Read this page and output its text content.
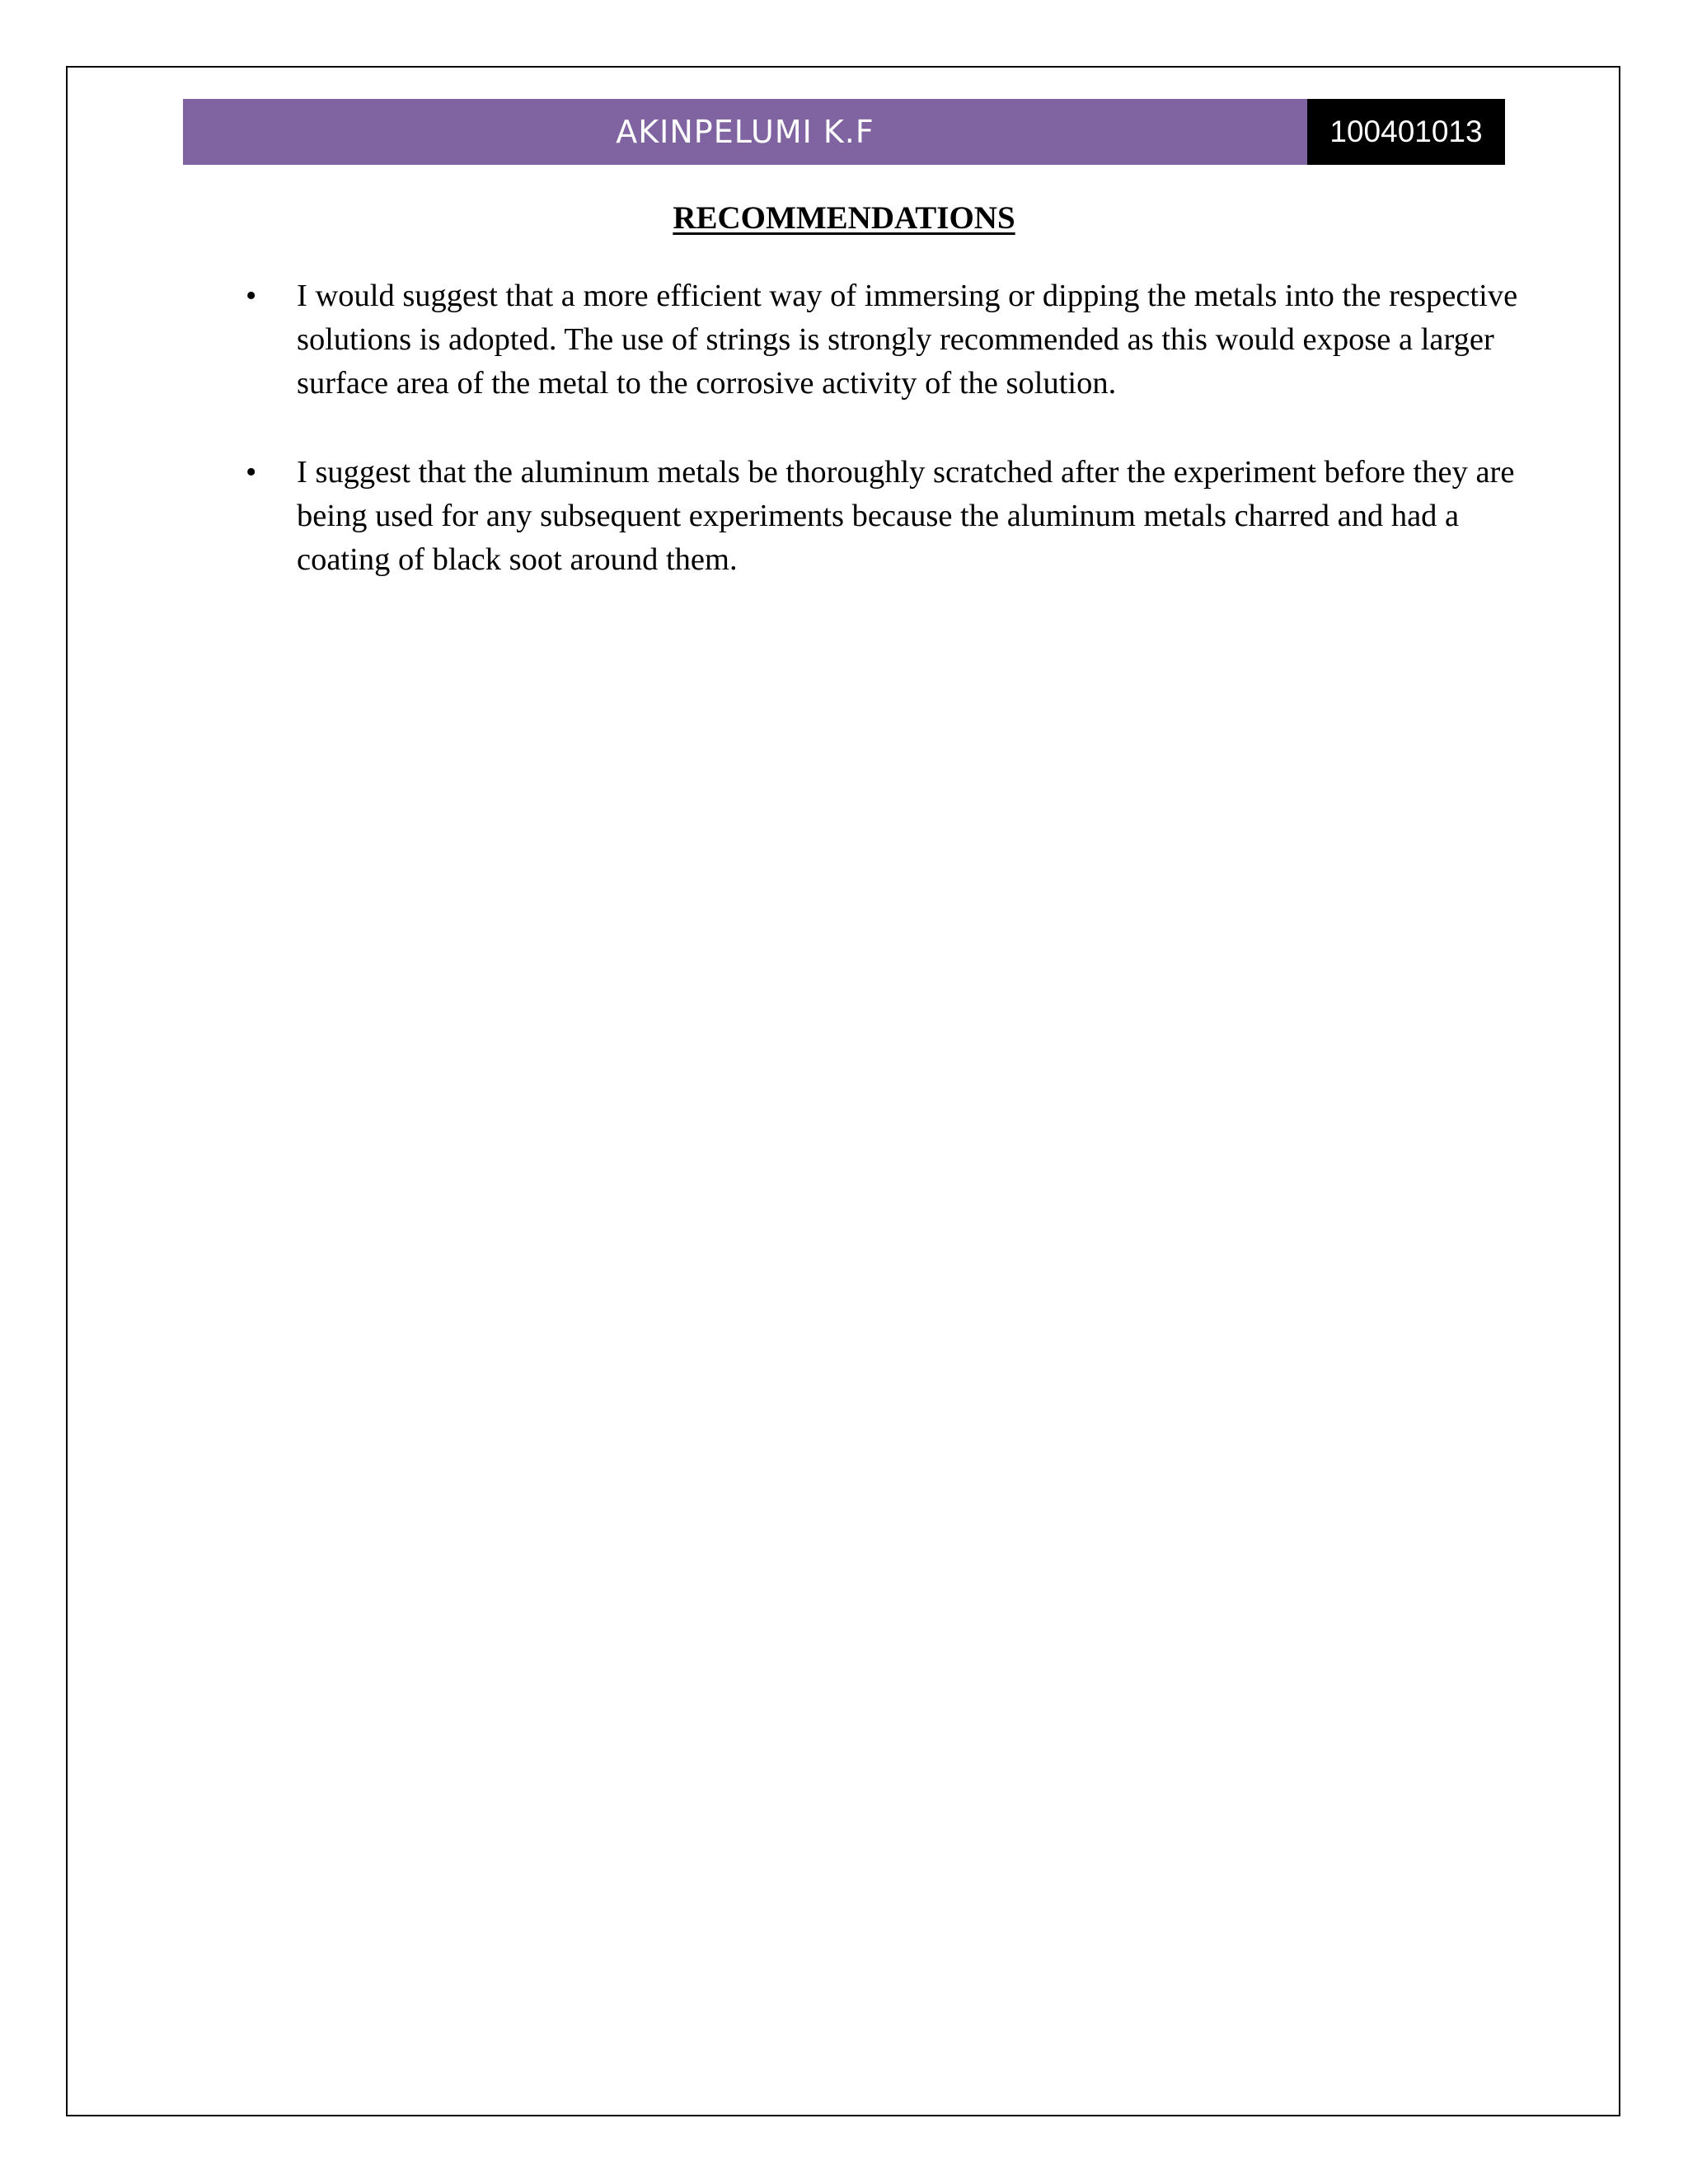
AKINPELUMI K.F	100401013
RECOMMENDATIONS
• I would suggest that a more efficient way of immersing or dipping the metals into the respective solutions is adopted. The use of strings is strongly recommended as this would expose a larger surface area of the metal to the corrosive activity of the solution.
• I suggest that the aluminum metals be thoroughly scratched after the experiment before they are being used for any subsequent experiments because the aluminum metals charred and had a coating of black soot around them.
